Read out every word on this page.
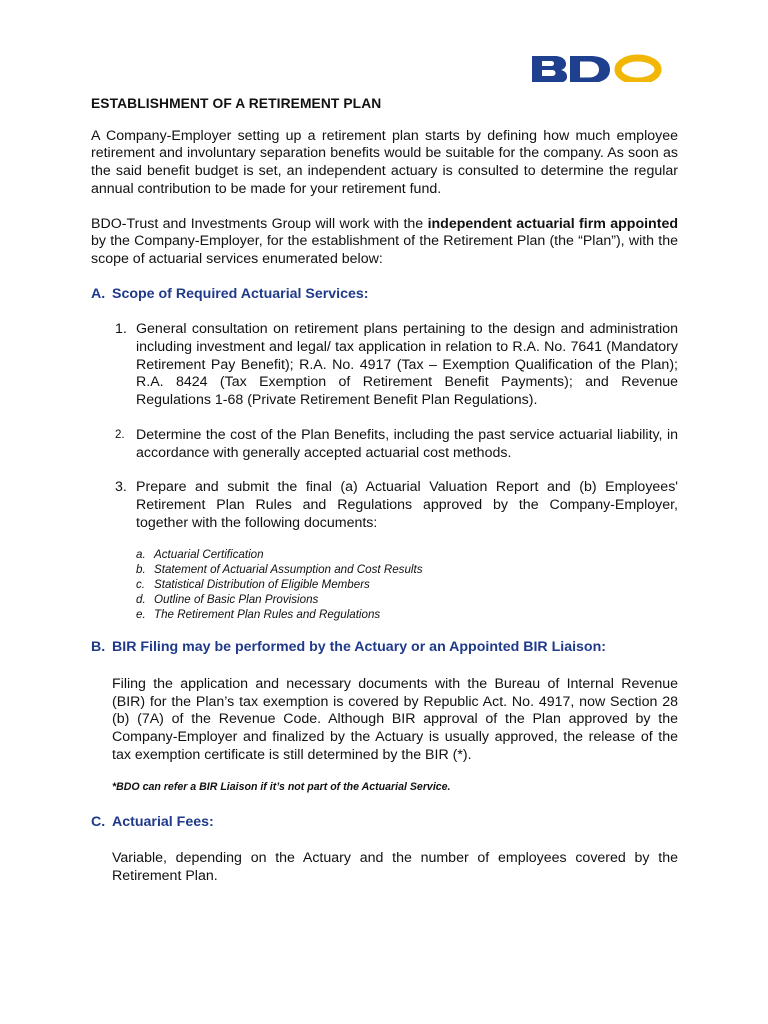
ESTABLISHMENT OF A RETIREMENT PLAN

A Company-Employer setting up a retirement plan starts by defining how much employee retirement and involuntary separation benefits would be suitable for the company. As soon as the said benefit budget is set, an independent actuary is consulted to determine the regular annual contribution to be made for your retirement fund.

BDO-Trust and Investments Group will work with the independent actuarial firm appointed by the Company-Employer, for the establishment of the Retirement Plan (the “Plan”), with the scope of actuarial services enumerated below:

A. Scope of Required Actuarial Services:
1. General consultation on retirement plans pertaining to the design and administration including investment and legal/ tax application in relation to R.A. No. 7641 (Mandatory Retirement Pay Benefit); R.A. No. 4917 (Tax – Exemption Qualification of the Plan); R.A. 8424 (Tax Exemption of Retirement Benefit Payments); and Revenue Regulations 1-68 (Private Retirement Benefit Plan Regulations).
2. Determine the cost of the Plan Benefits, including the past service actuarial liability, in accordance with generally accepted actuarial cost methods.
3. Prepare and submit the final (a) Actuarial Valuation Report and (b) Employees' Retirement Plan Rules and Regulations approved by the Company-Employer, together with the following documents:
a. Actuarial Certification
b. Statement of Actuarial Assumption and Cost Results
c. Statistical Distribution of Eligible Members
d. Outline of Basic Plan Provisions
e. The Retirement Plan Rules and Regulations
B. BIR Filing may be performed by the Actuary or an Appointed BIR Liaison:

Filing the application and necessary documents with the Bureau of Internal Revenue (BIR) for the Plan’s tax exemption is covered by Republic Act. No. 4917, now Section 28 (b) (7A) of the Revenue Code. Although BIR approval of the Plan approved by the Company-Employer and finalized by the Actuary is usually approved, the release of the tax exemption certificate is still determined by the BIR (*).

*BDO can refer a BIR Liaison if it’s not part of the Actuarial Service.

C. Actuarial Fees:

Variable, depending on the Actuary and the number of employees covered by the Retirement Plan.
